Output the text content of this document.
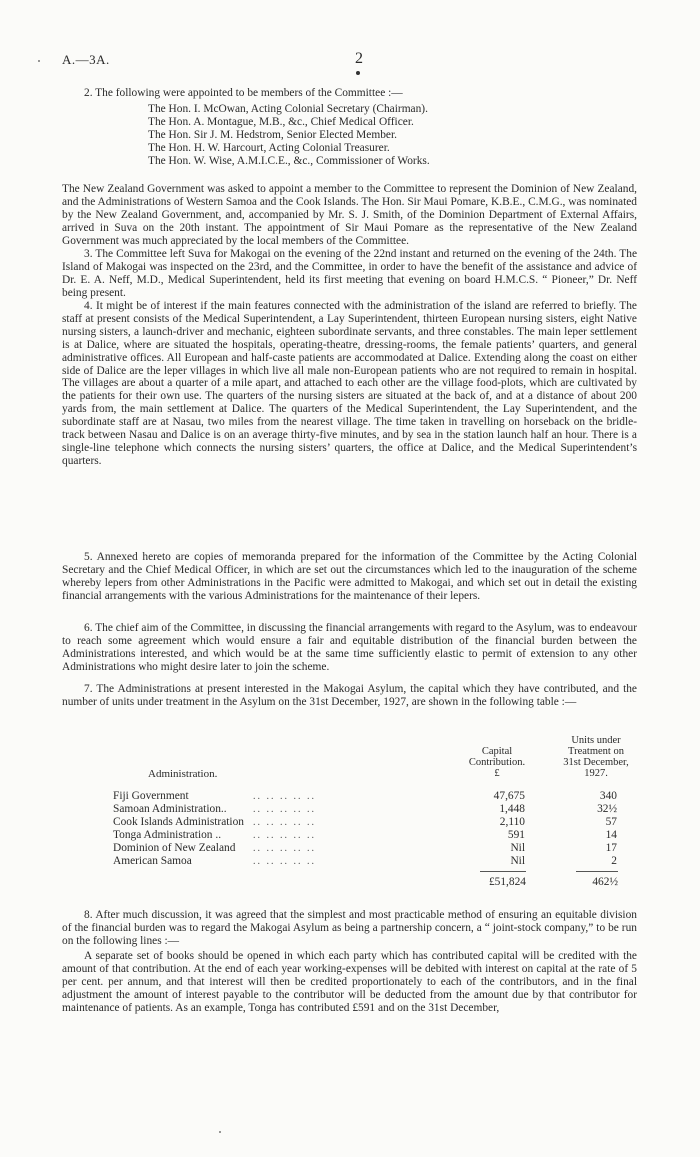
A.—3A.	2

2. The following were appointed to be members of the Committee :—

The Hon. I. McOwan, Acting Colonial Secretary (Chairman).
The Hon. A. Montague, M.B., &c., Chief Medical Officer.
The Hon. Sir J. M. Hedstrom, Senior Elected Member.
The Hon. H. W. Harcourt, Acting Colonial Treasurer.
The Hon. W. Wise, A.M.I.C.E., &c., Commissioner of Works.

The New Zealand Government was asked to appoint a member to the Committee to represent the Dominion of New Zealand, and the Administrations of Western Samoa and the Cook Islands. The Hon. Sir Maui Pomare, K.B.E., C.M.G., was nominated by the New Zealand Government, and, accompanied by Mr. S. J. Smith, of the Dominion Department of External Affairs, arrived in Suva on the 20th instant. The appointment of Sir Maui Pomare as the representative of the New Zealand Government was much appreciated by the local members of the Committee.

3. The Committee left Suva for Makogai on the evening of the 22nd instant and returned on the evening of the 24th. The Island of Makogai was inspected on the 23rd, and the Committee, in order to have the benefit of the assistance and advice of Dr. E. A. Neff, M.D., Medical Superintendent, held its first meeting that evening on board H.M.C.S. “ Pioneer,” Dr. Neff being present.

4. It might be of interest if the main features connected with the administration of the island are referred to briefly. The staff at present consists of the Medical Superintendent, a Lay Superintendent, thirteen European nursing sisters, eight Native nursing sisters, a launch-driver and mechanic, eighteen subordinate servants, and three constables. The main leper settlement is at Dalice, where are situated the hospitals, operating-theatre, dressing-rooms, the female patients’ quarters, and general administrative offices. All European and half-caste patients are accommodated at Dalice. Extending along the coast on either side of Dalice are the leper villages in which live all male non-European patients who are not required to remain in hospital. The villages are about a quarter of a mile apart, and attached to each other are the village food-plots, which are cultivated by the patients for their own use. The quarters of the nursing sisters are situated at the back of, and at a distance of about 200 yards from, the main settlement at Dalice. The quarters of the Medical Superintendent, the Lay Superintendent, and the subordinate staff are at Nasau, two miles from the nearest village. The time taken in travelling on horseback on the bridle-track between Nasau and Dalice is on an average thirty-five minutes, and by sea in the station launch half an hour. There is a single-line telephone which connects the nursing sisters’ quarters, the office at Dalice, and the Medical Superintendent’s quarters.

5. Annexed hereto are copies of memoranda prepared for the information of the Committee by the Acting Colonial Secretary and the Chief Medical Officer, in which are set out the circumstances which led to the inauguration of the scheme whereby lepers from other Administrations in the Pacific were admitted to Makogai, and which set out in detail the existing financial arrangements with the various Administrations for the maintenance of their lepers.

6. The chief aim of the Committee, in discussing the financial arrangements with regard to the Asylum, was to endeavour to reach some agreement which would ensure a fair and equitable distribution of the financial burden between the Administrations interested, and which would be at the same time sufficiently elastic to permit of extension to any other Administrations who might desire later to join the scheme.

7. The Administrations at present interested in the Makogai Asylum, the capital which they have contributed, and the number of units under treatment in the Asylum on the 31st December, 1927, are shown in the following table :—

Administration.
Capital
Contribution.
£
Units under
Treatment on
31st December,
1927.
Fiji Government	.. .. .. .. ..	47,675	340
Samoan Administration..	.. .. .. .. ..	1,448	32½
Cook Islands Administration .. .. .. .. ..	2,110	57
Tonga Administration ..	.. .. .. .. ..	591	14
Dominion of New Zealand .. .. .. .. ..	Nil	17
American Samoa	.. .. .. .. ..	Nil	2
£51,824	462½

8. After much discussion, it was agreed that the simplest and most practicable method of ensuring an equitable division of the financial burden was to regard the Makogai Asylum as being a partnership concern, a “ joint-stock company,” to be run on the following lines :—

A separate set of books should be opened in which each party which has contributed capital will be credited with the amount of that contribution. At the end of each year working-expenses will be debited with interest on capital at the rate of 5 per cent. per annum, and that interest will then be credited proportionately to each of the contributors, and in the final adjustment the amount of interest payable to the contributor will be deducted from the amount due by that contributor for maintenance of patients. As an example, Tonga has contributed £591 and on the 31st December,
